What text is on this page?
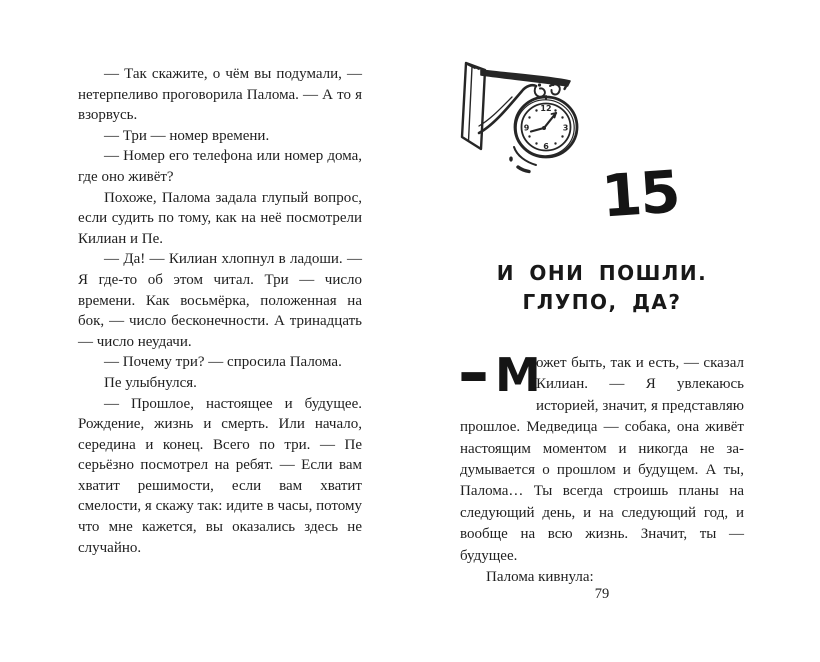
— Так скажите, о чём вы подумали, — нетерпеливо проговорила Палома. — А то я взорвусь.

— Три — номер времени.

— Номер его телефона или номер дома, где оно живёт?

Похоже, Палома задала глупый вопрос, если судить по тому, как на неё посмотрели Килиан и Пе.

— Да! — Килиан хлопнул в ладоши. — Я где-то об этом читал. Три — число времени. Как восьмёрка, положенная на бок, — число бесконечности. А тринадцать — число неудачи.

— Почему три? — спросила Палома.

Пе улыбнулся.

— Прошлое, настоящее и будущее. Рождение, жизнь и смерть. Или начало, середина и конец. Всего по три. — Пе серьёзно посмотрел на ребят. — Если вам хватит решимости, если вам хватит смелости, я скажу так: идите в часы, потому что мне кажется, вы оказались здесь не случайно.

12
3
6
9
15
И ОНИ ПОШЛИ.
ГЛУПО, ДА?

— М
ожет быть, так и есть, — сказал Килиан. — Я увлекаюсь историей, значит, я представляю прошлое. Медведица — собака, она живёт настоящим моментом и никогда не задумывается о прошлом и будущем. А ты, Палома… Ты всегда строишь планы на следующий день, и на следующий год, и вообще на всю жизнь. Значит, ты — будущее.

Палома кивнула:

79
